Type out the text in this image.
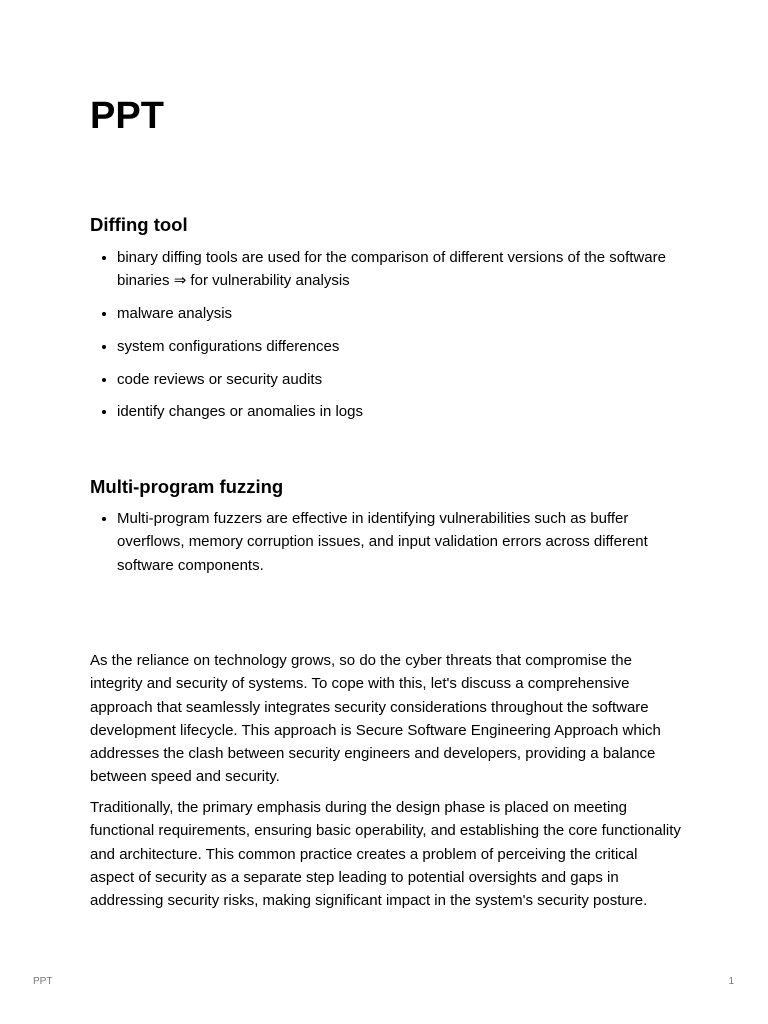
PPT
Diffing tool
• binary diffing tools are used for the comparison of different versions of the software binaries ⇒ for vulnerability analysis
• malware analysis
• system configurations differences
• code reviews or security audits
• identify changes or anomalies in logs
Multi-program fuzzing
• Multi-program fuzzers are effective in identifying vulnerabilities such as buffer overflows, memory corruption issues, and input validation errors across different software components.

As the reliance on technology grows, so do the cyber threats that compromise the integrity and security of systems. To cope with this, let's discuss a comprehensive approach that seamlessly integrates security considerations throughout the software development lifecycle. This approach is Secure Software Engineering Approach which addresses the clash between security engineers and developers, providing a balance between speed and security.

Traditionally, the primary emphasis during the design phase is placed on meeting functional requirements, ensuring basic operability, and establishing the core functionality and architecture. This common practice creates a problem of perceiving the critical aspect of security as a separate step leading to potential oversights and gaps in addressing security risks, making significant impact in the system's security posture.

PPT	1
